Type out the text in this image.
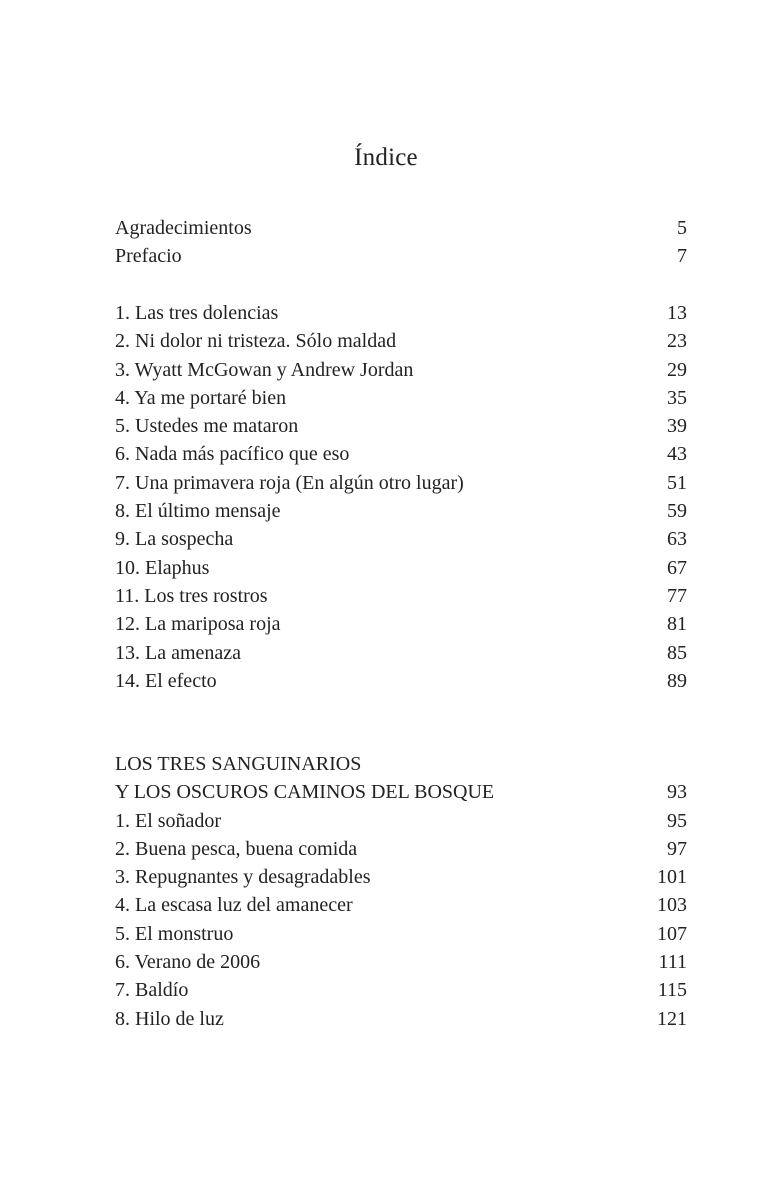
Índice
Agradecimientos	5
Prefacio	7
1. Las tres dolencias	13
2. Ni dolor ni tristeza. Sólo maldad	23
3. Wyatt McGowan y Andrew Jordan	29
4. Ya me portaré bien	35
5. Ustedes me mataron	39
6. Nada más pacífico que eso	43
7. Una primavera roja (En algún otro lugar)	51
8. El último mensaje	59
9. La sospecha	63
10. Elaphus	67
11. Los tres rostros	77
12. La mariposa roja	81
13. La amenaza	85
14. El efecto	89
LOS TRES SANGUINARIOS
Y LOS OSCUROS CAMINOS DEL BOSQUE	93
1. El soñador	95
2. Buena pesca, buena comida	97
3. Repugnantes y desagradables	101
4. La escasa luz del amanecer	103
5. El monstruo	107
6. Verano de 2006	111
7. Baldío	115
8. Hilo de luz	121
